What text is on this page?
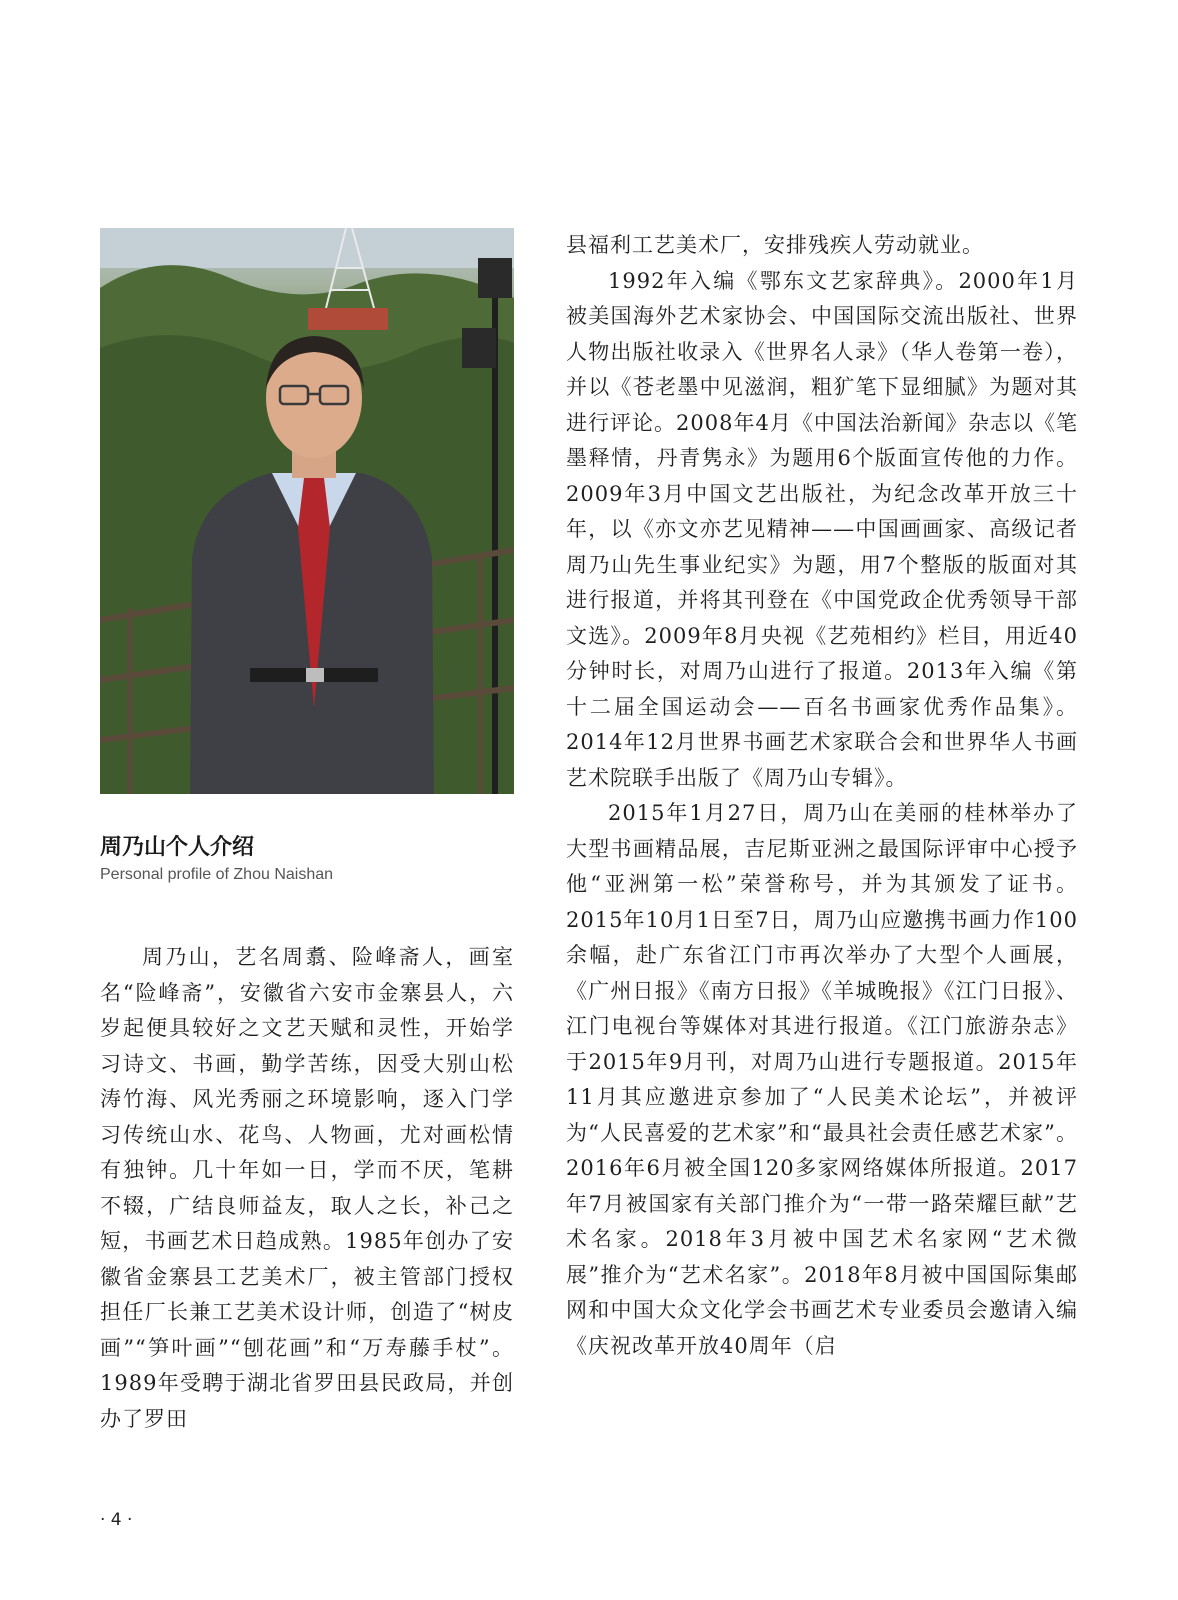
周乃山个人介绍

Personal profile of Zhou Naishan

周乃山，艺名周翥、险峰斋人，画室名“险峰斋”，安徽省六安市金寨县人，六岁起便具较好之文艺天赋和灵性，开始学习诗文、书画，勤学苦练，因受大别山松涛竹海、风光秀丽之环境影响，逐入门学习传统山水、花鸟、人物画，尤对画松情有独钟。几十年如一日，学而不厌，笔耕不辍，广结良师益友，取人之长，补己之短，书画艺术日趋成熟。1985年创办了安徽省金寨县工艺美术厂，被主管部门授权担任厂长兼工艺美术设计师，创造了“树皮画”“笋叶画”“刨花画”和“万寿藤手杖”。1989年受聘于湖北省罗田县民政局，并创办了罗田

县福利工艺美术厂，安排残疾人劳动就业。

1992年入编《鄂东文艺家辞典》。2000年1月被美国海外艺术家协会、中国国际交流出版社、世界人物出版社收录入《世界名人录》（华人卷第一卷），并以《苍老墨中见滋润，粗犷笔下显细腻》为题对其进行评论。2008年4月《中国法治新闻》杂志以《笔墨释情，丹青隽永》为题用6个版面宣传他的力作。2009年3月中国文艺出版社，为纪念改革开放三十年，以《亦文亦艺见精神——中国画画家、高级记者周乃山先生事业纪实》为题，用7个整版的版面对其进行报道，并将其刊登在《中国党政企优秀领导干部文选》。2009年8月央视《艺苑相约》栏目，用近40分钟时长，对周乃山进行了报道。2013年入编《第十二届全国运动会——百名书画家优秀作品集》。2014年12月世界书画艺术家联合会和世界华人书画艺术院联手出版了《周乃山专辑》。

2015年1月27日，周乃山在美丽的桂林举办了大型书画精品展，吉尼斯亚洲之最国际评审中心授予他“亚洲第一松”荣誉称号，并为其颁发了证书。2015年10月1日至7日，周乃山应邀携书画力作100余幅，赴广东省江门市再次举办了大型个人画展，《广州日报》《南方日报》《羊城晚报》《江门日报》、江门电视台等媒体对其进行报道。《江门旅游杂志》于2015年9月刊，对周乃山进行专题报道。2015年11月其应邀进京参加了“人民美术论坛”，并被评为“人民喜爱的艺术家”和“最具社会责任感艺术家”。2016年6月被全国120多家网络媒体所报道。2017年7月被国家有关部门推介为“一带一路荣耀巨献”艺术名家。2018年3月被中国艺术名家网“艺术微展”推介为“艺术名家”。2018年8月被中国国际集邮网和中国大众文化学会书画艺术专业委员会邀请入编《庆祝改革开放40周年（启

· 4 ·
